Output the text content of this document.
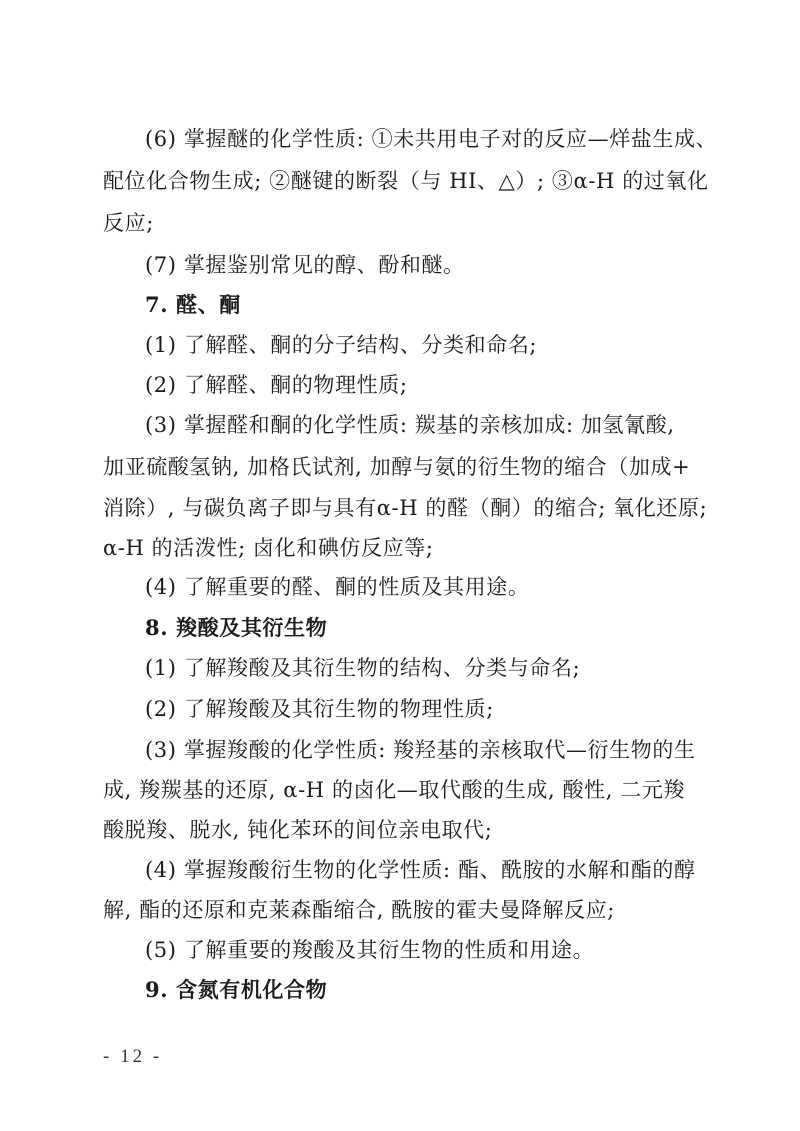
(6) 掌握醚的化学性质: ①未共用电子对的反应—烊盐生成、
配位化合物生成; ②醚键的断裂（与 HI、△）; ③α-H 的过氧化
反应;
(7) 掌握鉴别常见的醇、酚和醚。
7. 醛、酮
(1) 了解醛、酮的分子结构、分类和命名;
(2) 了解醛、酮的物理性质;
(3) 掌握醛和酮的化学性质: 羰基的亲核加成: 加氢氰酸,
加亚硫酸氢钠, 加格氏试剂, 加醇与氨的衍生物的缩合（加成+
消除）, 与碳负离子即与具有α-H 的醛（酮）的缩合; 氧化还原;
α-H 的活泼性; 卤化和碘仿反应等;
(4) 了解重要的醛、酮的性质及其用途。
8. 羧酸及其衍生物
(1) 了解羧酸及其衍生物的结构、分类与命名;
(2) 了解羧酸及其衍生物的物理性质;
(3) 掌握羧酸的化学性质: 羧羟基的亲核取代—衍生物的生
成, 羧羰基的还原, α-H 的卤化—取代酸的生成, 酸性, 二元羧
酸脱羧、脱水, 钝化苯环的间位亲电取代;
(4) 掌握羧酸衍生物的化学性质: 酯、酰胺的水解和酯的醇
解, 酯的还原和克莱森酯缩合, 酰胺的霍夫曼降解反应;
(5) 了解重要的羧酸及其衍生物的性质和用途。
9. 含氮有机化合物
- 12 -
